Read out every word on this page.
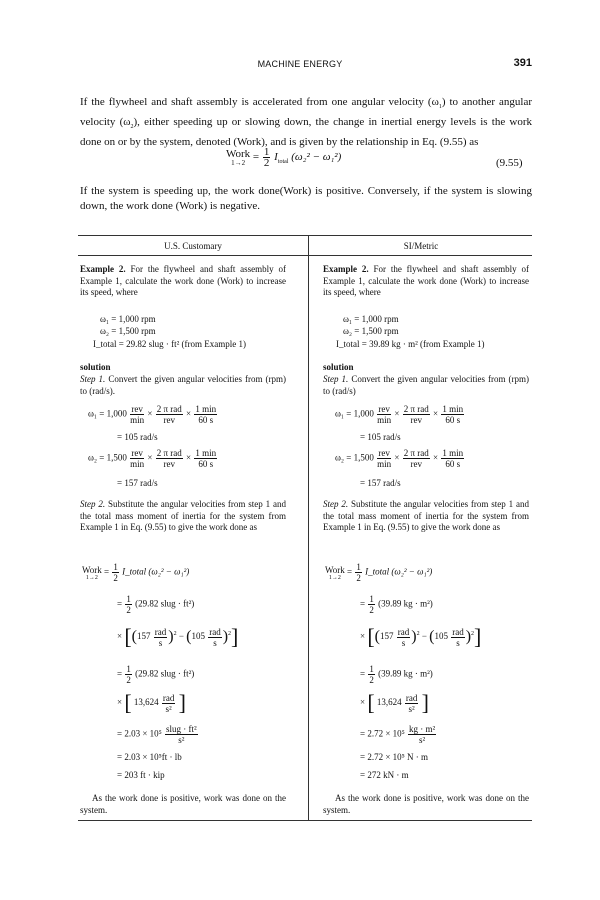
MACHINE ENERGY	391
If the flywheel and shaft assembly is accelerated from one angular velocity $(\omega_1)$ to another angular velocity $(\omega_2)$, either speeding up or slowing down, the change in inertial energy levels is the work done on or by the system, denoted (Work), and is given by the relationship in Eq. (9.55) as
Work
$1\to 2 = \frac{1}{2} I_{total}$ (ω₂² − ω₁²)	(9.55)
If the system is speeding up, the work done(Work) is positive. Conversely, if the system is slowing down, the work done (Work) is negative.
U.S. Customary	SI/Metric
Example 2. For the flywheel and shaft assembly of Example 1, calculate the work done (Work) to increase its speed, where
ω₁ = 1,000 rpm
ω₂ = 1,500 rpm
I_total = 29.82 slug · ft² (from Example 1)
solution
Step 1. Convert the given angular velocities from (rpm) to (rad/s).
$\omega_1 = 1,000 \frac{\text{rev}}{\min} \times \frac{\text{2 π rad}}{\text{rev}} \times \frac{1 \min}{60 s}$
= 105 rad/s
$\omega_2 = 1,500 \frac{\text{rev}}{\min} \times \frac{\text{2 π rad}}{\text{rev}} \times \frac{1 \min}{60 s}$
= 157 rad/s
Step 2. Substitute the angular velocities from step 1 and the total mass moment of inertia for the system from Example 1 in Eq. (9.55) to give the work done as
Work
1→2
= $\frac{1}{2}$ I_total (ω₂² − ω₁²)
= $\frac{1}{2} (29.82$ slug · ft²)
× $[(157 \frac{\text{rad}}{s} )^2 - (105 \frac{\text{rad}}{s} )^2]$
= $\frac{1}{2} (29.82$ slug · ft²)
× [ $13,624 \frac{\text{rad}}{\text{s²}}$ ]
= $2.03 \times 10^5 \frac{\text{slug · ft²}}{\text{s²}}$
= 2.03 × 10⁵ft · lb
= 203 ft · kip
As the work done is positive, work was done on the system.
Example 2. For the flywheel and shaft assembly of Example 1, calculate the work done (Work) to increase its speed, where
ω₁ = 1,000 rpm
ω₂ = 1,500 rpm
I_total = 39.89 kg · m² (from Example 1)
solution
Step 1. Convert the given angular velocities from (rpm) to (rad/s)
$\omega_1 = 1,000 \frac{\text{rev}}{\min} \times \frac{\text{2 π rad}}{\text{rev}} \times \frac{1 \min}{60 s}$
= 105 rad/s
$\omega_2 = 1,500 \frac{\text{rev}}{\min} \times \frac{\text{2 π rad}}{\text{rev}} \times \frac{1 \min}{60 s}$
= 157 rad/s
Step 2. Substitute the angular velocities from step 1 and the total mass moment of inertia for the system from Example 1 in Eq. (9.55) to give the work done as
Work
1→2
= $\frac{1}{2}$ I_total (ω₂² − ω₁²)
= $\frac{1}{2} (39.89$ kg · m²)
× $[(157 \frac{\text{rad}}{s} )^2 - (105 \frac{\text{rad}}{s} )^2]$
= $\frac{1}{2} (39.89$ kg · m²)
× [ $13,624 \frac{\text{rad}}{\text{s²}}$ ]
= $2.72 \times 10^5 \frac{\text{kg · m²}}{\text{s²}}$
= 2.72 × 10⁵ N · m
= 272 kN · m
As the work done is positive, work was done on the system.
